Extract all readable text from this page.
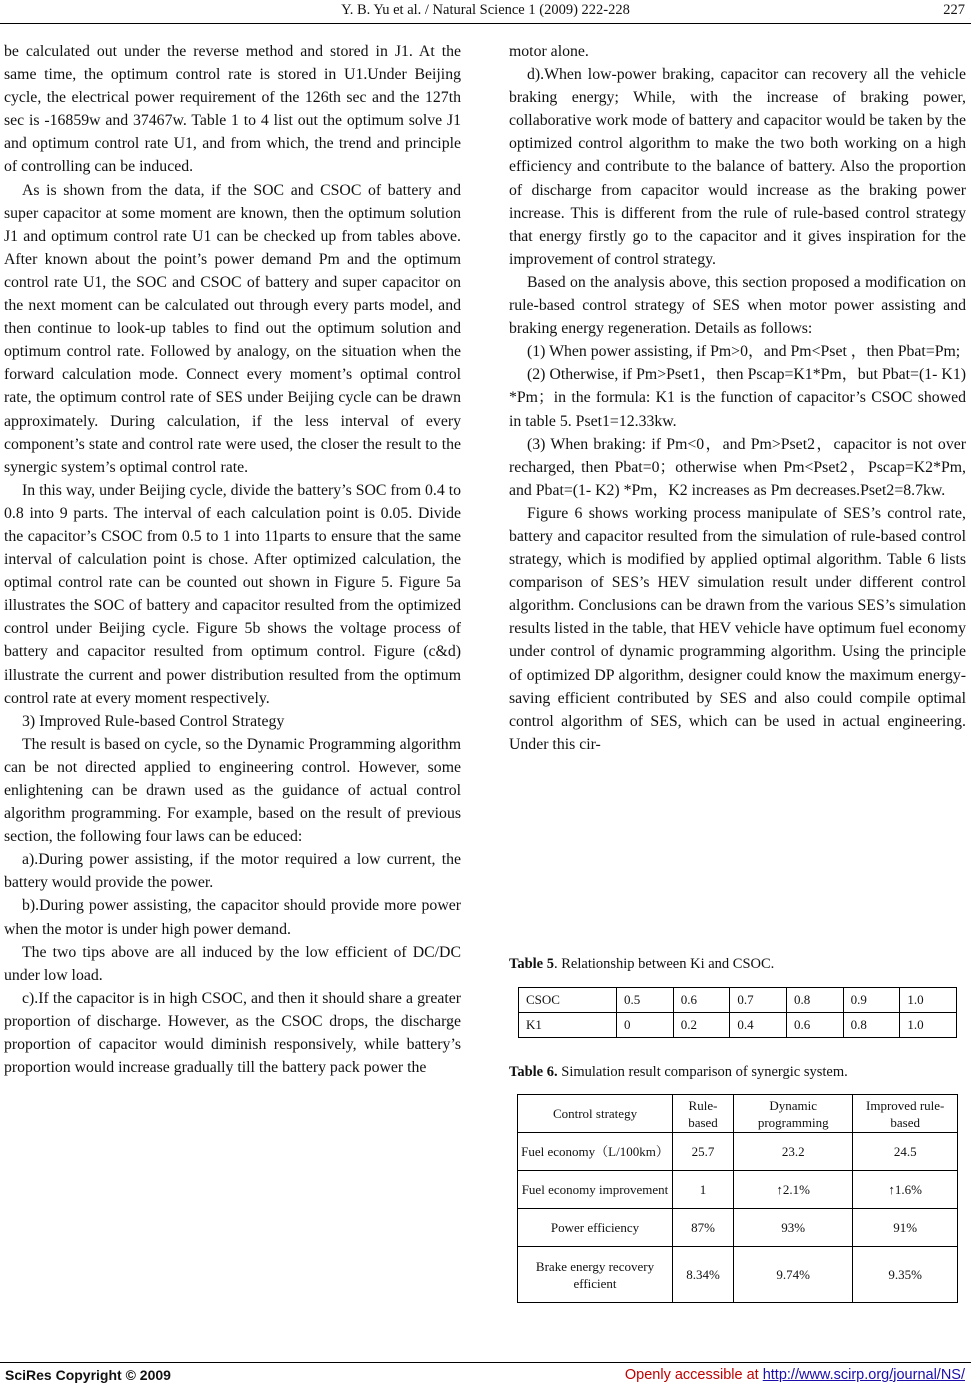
Y. B. Yu et al. / Natural Science 1 (2009) 222-228	227

be calculated out under the reverse method and stored in J1. At the same time, the optimum control rate is stored in U1.Under Beijing cycle, the electrical power requirement of the 126th sec and the 127th sec is -16859w and 37467w. Table 1 to 4 list out the optimum solve J1 and optimum control rate U1, and from which, the trend and principle of controlling can be induced.

As is shown from the data, if the SOC and CSOC of battery and super capacitor at some moment are known, then the optimum solution J1 and optimum control rate U1 can be checked up from tables above. After known about the point’s power demand Pm and the optimum control rate U1, the SOC and CSOC of battery and super capacitor on the next moment can be calculated out through every parts model, and then continue to look-up tables to find out the optimum solution and optimum control rate. Followed by analogy, on the situation when the forward calculation mode. Connect every moment’s optimal control rate, the optimum control rate of SES under Beijing cycle can be drawn approximately. During calculation, if the less interval of every component’s state and control rate were used, the closer the result to the synergic system’s optimal control rate.

In this way, under Beijing cycle, divide the battery’s SOC from 0.4 to 0.8 into 9 parts. The interval of each calculation point is 0.05. Divide the capacitor’s CSOC from 0.5 to 1 into 11parts to ensure that the same interval of calculation point is chose. After optimized calculation, the optimal control rate can be counted out shown in Figure 5. Figure 5a illustrates the SOC of battery and capacitor resulted from the optimized control under Beijing cycle. Figure 5b shows the voltage process of battery and capacitor resulted from optimum control. Figure (c&d) illustrate the current and power distribution resulted from the optimum control rate at every moment respectively.

3) Improved Rule-based Control Strategy

The result is based on cycle, so the Dynamic Programming algorithm can be not directed applied to engineering control. However, some enlightening can be drawn used as the guidance of actual control algorithm programming. For example, based on the result of previous section, the following four laws can be educed:

a).During power assisting, if the motor required a low current, the battery would provide the power.

b).During power assisting, the capacitor should provide more power when the motor is under high power demand.

The two tips above are all induced by the low efficient of DC/DC under low load.

c).If the capacitor is in high CSOC, and then it should share a greater proportion of discharge. However, as the CSOC drops, the discharge proportion of capacitor would diminish responsively, while battery’s proportion would increase gradually till the battery pack power the

motor alone.

d).When low-power braking, capacitor can recovery all the vehicle braking energy; While, with the increase of braking power, collaborative work mode of battery and capacitor would be taken by the optimized control algorithm to make the two both working on a high efficiency and contribute to the balance of battery. Also the proportion of discharge from capacitor would increase as the braking power increase. This is different from the rule of rule-based control strategy that energy firstly go to the capacitor and it gives inspiration for the improvement of control strategy.

Based on the analysis above, this section proposed a modification on rule-based control strategy of SES when motor power assisting and braking energy regeneration. Details as follows:

(1) When power assisting, if Pm>0，and Pm<Pset ，then Pbat=Pm;

(2) Otherwise, if Pm>Pset1，then Pscap=K1*Pm，but Pbat=(1- K1) *Pm；in the formula: K1 is the function of capacitor’s CSOC showed in table 5. Pset1=12.33kw.

(3) When braking: if Pm<0，and Pm>Pset2，capacitor is not over recharged, then Pbat=0；otherwise when Pm<Pset2，Pscap=K2*Pm, and Pbat=(1- K2) *Pm，K2 increases as Pm decreases.Pset2=8.7kw.

Figure 6 shows working process manipulate of SES’s control rate, battery and capacitor resulted from the simulation of rule-based control strategy, which is modified by applied optimal algorithm. Table 6 lists comparison of SES’s HEV simulation result under different control algorithm. Conclusions can be drawn from the various SES’s simulation results listed in the table, that HEV vehicle have optimum fuel economy under control of dynamic programming algorithm. Using the principle of optimized DP algorithm, designer could know the maximum energy-saving efficient contributed by SES and also could compile optimal control algorithm of SES, which can be used in actual engineering. Under this cir-

Table 5. Relationship between Ki and CSOC.

CSOC	0.5	0.6	0.7	0.8	0.9	1.0
K1	0	0.2	0.4	0.6	0.8	1.0

Table 6. Simulation result comparison of synergic system.

Control strategy	Rule-based	Dynamic programming	Improved rule-based
Fuel economy（L/100km）	25.7	23.2	24.5
Fuel economy improvement	1	↑2.1%	↑1.6%
Power efficiency	87%	93%	91%
Brake energy recovery efficient	8.34%	9.74%	9.35%
SciRes Copyright © 2009	Openly accessible at http://www.scirp.org/journal/NS/
